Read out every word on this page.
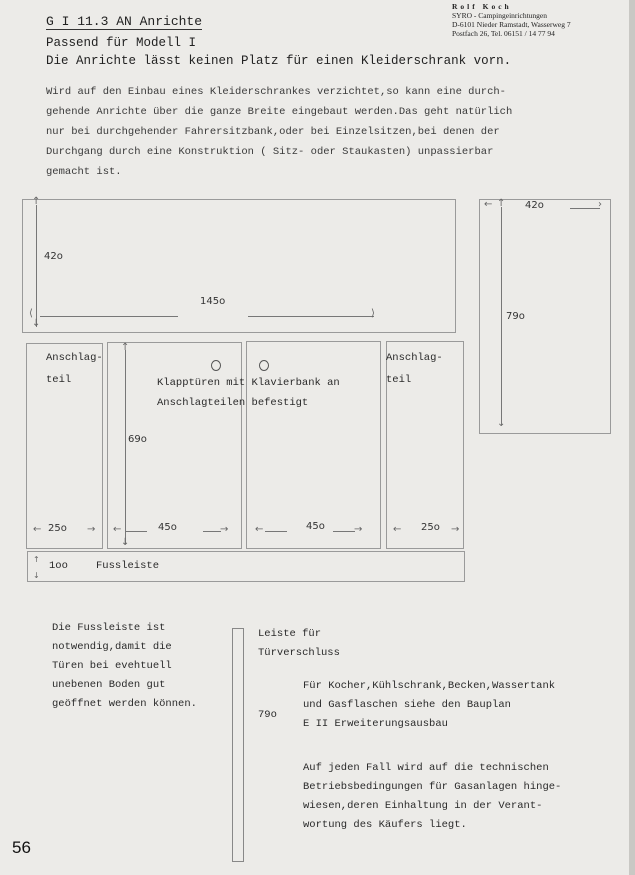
G I 11.3 AN Anrichte
Passend für Modell I
Die Anrichte lässt keinen Platz für einen Kleiderschrank vorn.
Rolf Koch
SYRO - Campingeinrichtungen
D-6101 Nieder Ramstadt, Wasserweg 7
Postfach 26, Tel. 06151 / 14 77 94
Wird auf den Einbau eines Kleiderschrankes verzichtet,so kann eine durch-
gehende Anrichte über die ganze Breite eingebaut werden.Das geht natürlich
nur bei durchgehender Fahrersitzbank,oder bei Einzelsitzen,bei denen der
Durchgang durch eine Konstruktion ( Sitz- oder Staukasten) unpassierbar
gemacht ist.
↑
↓
42o
⟨	⟩
145o
↑
⌄
←	›
42o
79o
Anschlag-
teil
←	→
25o
↑
↓
69o
←	→
45o	←	→
45o
Klapptüren mit Klavierbank an
Anschlagteilen befestigt
Anschlag-
teil
←	→
25o
↑
↓
1oo	Fussleiste
Die Fussleiste ist
notwendig,damit die
Türen bei evehtuell
unebenen Boden gut
geöffnet werden können.
Leiste für
Türverschluss
79o
Für Kocher,Kühlschrank,Becken,Wassertank
und Gasflaschen siehe den Bauplan
E II Erweiterungsausbau
Auf jeden Fall wird auf die technischen
Betriebsbedingungen für Gasanlagen hinge-
wiesen,deren Einhaltung in der Verant-
wortung des Käufers liegt.
56
